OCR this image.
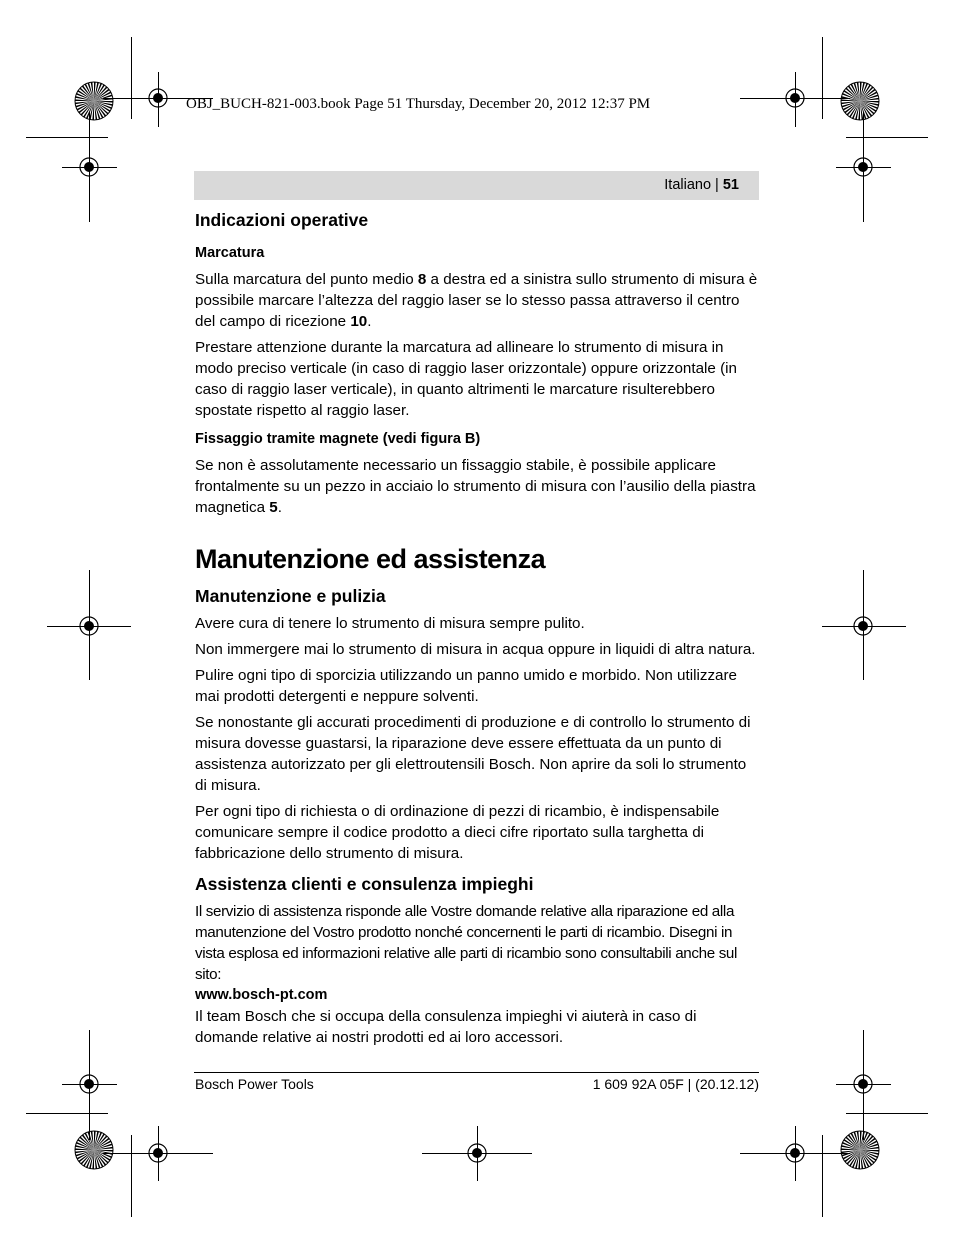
OBJ_BUCH-821-003.book Page 51 Thursday, December 20, 2012 12:37 PM
Italiano | 51
Indicazioni operative
Marcatura

Sulla marcatura del punto medio 8 a destra ed a sinistra sullo strumento di misura è possibile marcare l’altezza del raggio laser se lo stesso passa attraverso il centro del campo di ricezione 10.

Prestare attenzione durante la marcatura ad allineare lo strumento di misura in modo preciso verticale (in caso di raggio laser orizzontale) oppure orizzontale (in caso di raggio laser verticale), in quanto altrimenti le marcature risulterebbero spostate rispetto al raggio laser.

Fissaggio tramite magnete (vedi figura B)

Se non è assolutamente necessario un fissaggio stabile, è possibile applicare frontalmente su un pezzo in acciaio lo strumento di misura con l’ausilio della piastra magnetica 5.

Manutenzione ed assistenza
Manutenzione e pulizia

Avere cura di tenere lo strumento di misura sempre pulito.

Non immergere mai lo strumento di misura in acqua oppure in liquidi di altra natura.

Pulire ogni tipo di sporcizia utilizzando un panno umido e morbido. Non utilizzare mai prodotti detergenti e neppure solventi.

Se nonostante gli accurati procedimenti di produzione e di controllo lo strumento di misura dovesse guastarsi, la riparazione deve essere effettuata da un punto di assistenza autorizzato per gli elettroutensili Bosch. Non aprire da soli lo strumento di misura.

Per ogni tipo di richiesta o di ordinazione di pezzi di ricambio, è indispensabile comunicare sempre il codice prodotto a dieci cifre riportato sulla targhetta di fabbricazione dello strumento di misura.

Assistenza clienti e consulenza impieghi

Il servizio di assistenza risponde alle Vostre domande relative alla riparazione ed alla manutenzione del Vostro prodotto nonché concernenti le parti di ricambio. Disegni in vista esplosa ed informazioni relative alle parti di ricambio sono consultabili anche sul sito:

www.bosch-pt.com

Il team Bosch che si occupa della consulenza impieghi vi aiuterà in caso di domande relative ai nostri prodotti ed ai loro accessori.

Bosch Power Tools	1 609 92A 05F | (20.12.12)
